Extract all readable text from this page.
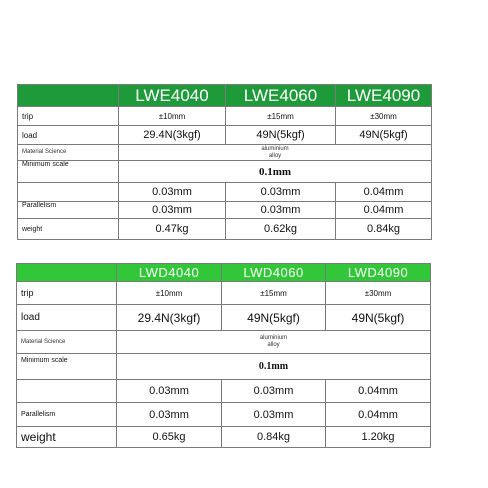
	LWE4040	LWE4060	LWE4090
trip	±10mm	±15mm	±30mm
load	29.4N(3kgf)	49N(5kgf)	49N(5kgf)
Material Science	aluminium
alloy		

Minimum scale	0.1mm		
	0.03mm	0.03mm	0.04mm
Parallelism	0.03mm	0.03mm	0.04mm
weight	0.47kg	0.62kg	0.84kg
	LWD4040	LWD4060	LWD4090
trip	±10mm	±15mm	±30mm
load	29.4N(3kgf)	49N(5kgf)	49N(5kgf)
Material Science	aluminium
alloy		

Minimum scale	0.1mm		
	0.03mm	0.03mm	0.04mm
Parallelism	0.03mm	0.03mm	0.04mm
weight	0.65kg	0.84kg	1.20kg
